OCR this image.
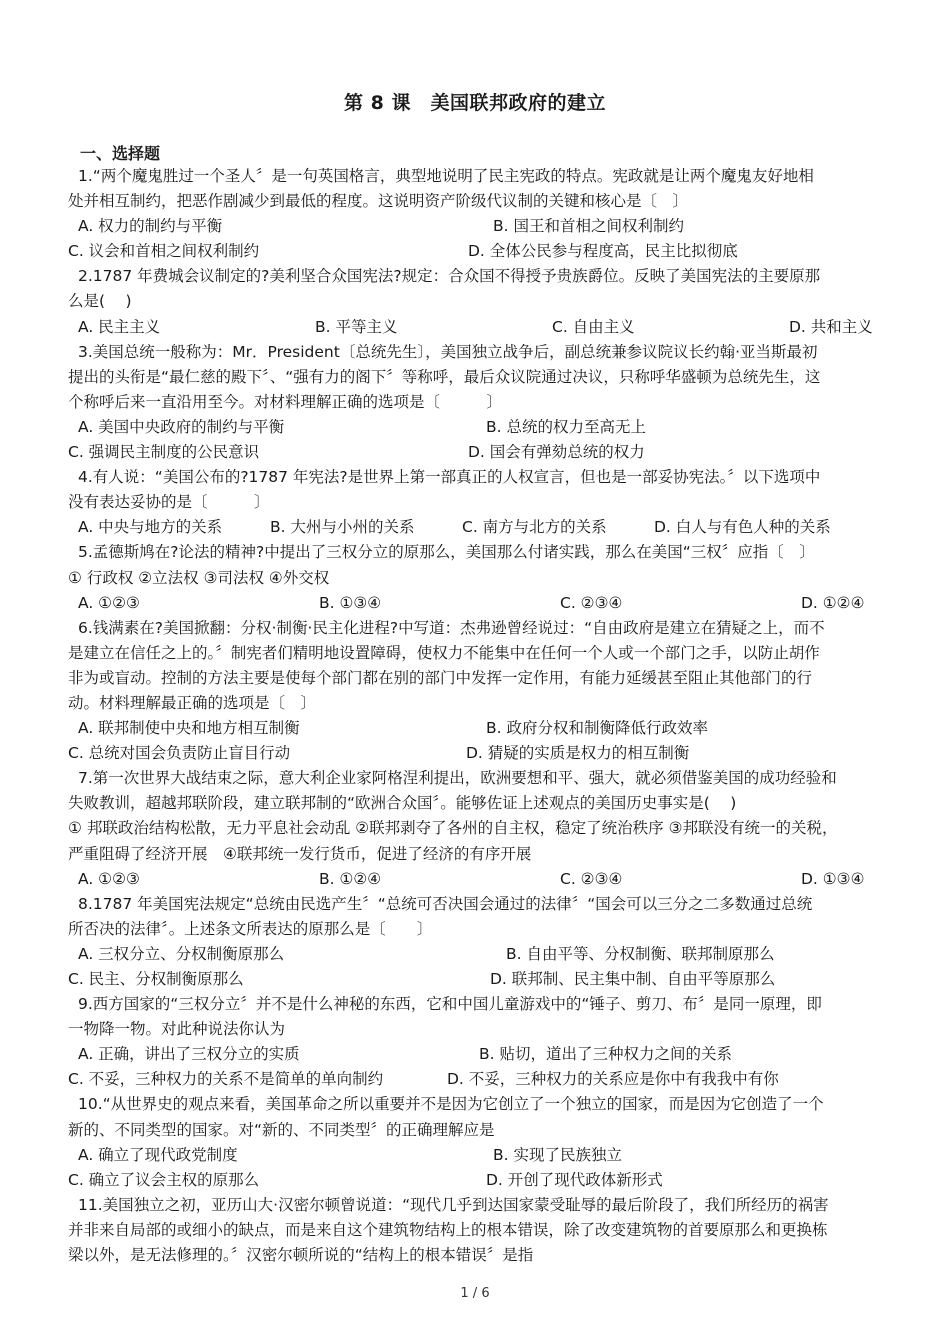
第 8 课　美国联邦政府的建立
一、选择题
1.“两个魔鬼胜过一个圣人〞是一句英国格言，典型地说明了民主宪政的特点。宪政就是让两个魔鬼友好地相
处并相互制约，把恶作剧减少到最低的程度。这说明资产阶级代议制的关键和核心是〔　〕
A. 权力的制约与平衡	B. 国王和首相之间权利制约
C. 议会和首相之间权利制约	D. 全体公民参与程度高，民主比拟彻底
2.1787 年费城会议制定的?美利坚合众国宪法?规定：合众国不得授予贵族爵位。反映了美国宪法的主要原那
么是(　 )
A. 民主主义	B. 平等主义	C. 自由主义	D. 共和主义
3.美国总统一般称为：Mr．President〔总统先生〕，美国独立战争后，副总统兼参议院议长约翰·亚当斯最初
提出的头衔是“最仁慈的殿下〞、“强有力的阁下〞等称呼，最后众议院通过决议，只称呼华盛顿为总统先生，这
个称呼后来一直沿用至今。对材料理解正确的选项是〔　　　〕
A. 美国中央政府的制约与平衡	B. 总统的权力至高无上
C. 强调民主制度的公民意识	D. 国会有弹劾总统的权力
4.有人说：“美国公布的?1787 年宪法?是世界上第一部真正的人权宣言，但也是一部妥协宪法。〞以下选项中
没有表达妥协的是〔　　　〕
A. 中央与地方的关系	B. 大州与小州的关系	C. 南方与北方的关系	D. 白人与有色人种的关系
5.孟德斯鸠在?论法的精神?中提出了三权分立的原那么，美国那么付诸实践，那么在美国“三权〞应指〔　〕
① 行政权 ②立法权 ③司法权 ④外交权
A. ①②③	B. ①③④	C. ②③④	D. ①②④
6.钱满素在?美国掀翻：分权·制衡·民主化进程?中写道：杰弗逊曾经说过：“自由政府是建立在猜疑之上，而不
是建立在信任之上的。〞制宪者们精明地设置障碍，使权力不能集中在任何一个人或一个部门之手，以防止胡作
非为或盲动。控制的方法主要是使每个部门都在别的部门中发挥一定作用，有能力延缓甚至阻止其他部门的行
动。材料理解最正确的选项是〔　〕
A. 联邦制使中央和地方相互制衡	B. 政府分权和制衡降低行政效率
C. 总统对国会负责防止盲目行动	D. 猜疑的实质是权力的相互制衡
7.第一次世界大战结束之际，意大利企业家阿格涅利提出，欧洲要想和平、强大，就必须借鉴美国的成功经验和
失败教训，超越邦联阶段，建立联邦制的“欧洲合众国〞。能够佐证上述观点的美国历史事实是(　 )
① 邦联政治结构松散，无力平息社会动乱 ②联邦剥夺了各州的自主权，稳定了统治秩序 ③邦联没有统一的关税，
严重阻碍了经济开展　④联邦统一发行货币，促进了经济的有序开展
A. ①②③	B. ①②④	C. ②③④	D. ①③④
8.1787 年美国宪法规定“总统由民选产生〞“总统可否决国会通过的法律〞“国会可以三分之二多数通过总统
所否决的法律〞。上述条文所表达的原那么是〔　　〕
A. 三权分立、分权制衡原那么	B. 自由平等、分权制衡、联邦制原那么
C. 民主、分权制衡原那么	D. 联邦制、民主集中制、自由平等原那么
9.西方国家的“三权分立〞并不是什么神秘的东西，它和中国儿童游戏中的“锤子、剪刀、布〞是同一原理，即
一物降一物。对此种说法你认为
A. 正确，讲出了三权分立的实质	B. 贴切，道出了三种权力之间的关系
C. 不妥，三种权力的关系不是简单的单向制约	D. 不妥，三种权力的关系应是你中有我我中有你
10.“从世界史的观点来看，美国革命之所以重要并不是因为它创立了一个独立的国家，而是因为它创造了一个
新的、不同类型的国家。对“新的、不同类型〞的正确理解应是
A. 确立了现代政党制度	B. 实现了民族独立
C. 确立了议会主权的原那么	D. 开创了现代政体新形式
11.美国独立之初，亚历山大·汉密尔顿曾说道：“现代几乎到达国家蒙受耻辱的最后阶段了，我们所经历的祸害
并非来自局部的或细小的缺点，而是来自这个建筑物结构上的根本错误，除了改变建筑物的首要原那么和更换栋
梁以外，是无法修理的。〞汉密尔顿所说的“结构上的根本错误〞是指
1 / 6
